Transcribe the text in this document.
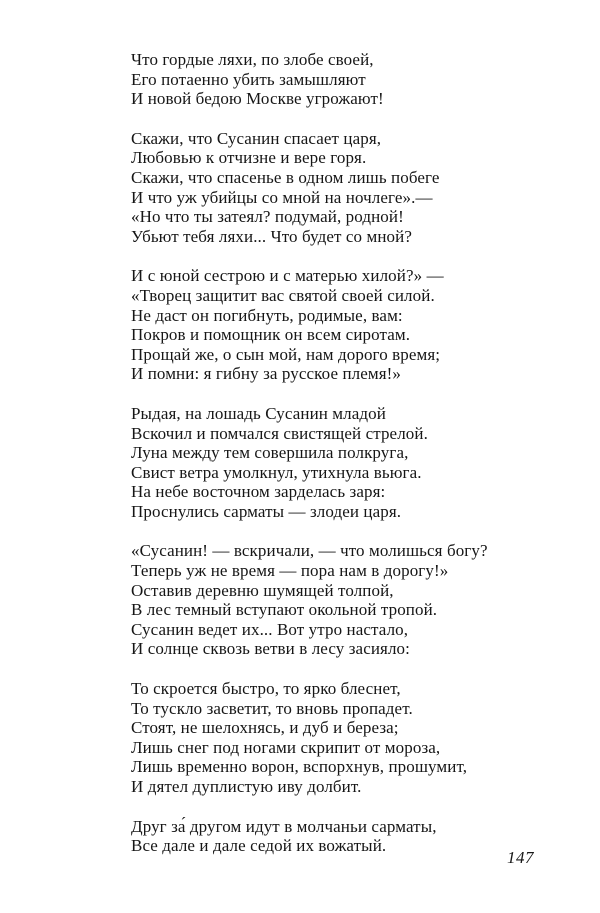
Что гордые ляхи, по злобе своей,
Его потаенно убить замышляют
И новой бедою Москве угрожают!
Скажи, что Сусанин спасает царя,
Любовью к отчизне и вере горя.
Скажи, что спасенье в одном лишь побеге
И что уж убийцы со мной на ночлеге».—
«Но что ты затеял? подумай, родной!
Убьют тебя ляхи... Что будет со мной?
И с юной сестрою и с матерью хилой?» —
«Творец защитит вас святой своей силой.
Не даст он погибнуть, родимые, вам:
Покров и помощник он всем сиротам.
Прощай же, о сын мой, нам дорого время;
И помни: я гибну за русское племя!»
Рыдая, на лошадь Сусанин младой
Вскочил и помчался свистящей стрелой.
Луна между тем совершила полкруга,
Свист ветра умолкнул, утихнула вьюга.
На небе восточном зарделась заря:
Проснулись сарматы — злодеи царя.
«Сусанин! — вскричали, — что молишься богу?
Теперь уж не время — пора нам в дорогу!»
Оставив деревню шумящей толпой,
В лес темный вступают окольной тропой.
Сусанин ведет их... Вот утро настало,
И солнце сквозь ветви в лесу засияло:
То скроется быстро, то ярко блеснет,
То тускло засветит, то вновь пропадет.
Стоят, не шелохнясь, и дуб и береза;
Лишь снег под ногами скрипит от мороза,
Лишь временно ворон, вспорхнув, прошумит,
И дятел дуплистую иву долбит.
Друг за́ другом идут в молчаньи сарматы,
Все дале и дале седой их вожатый.
147
